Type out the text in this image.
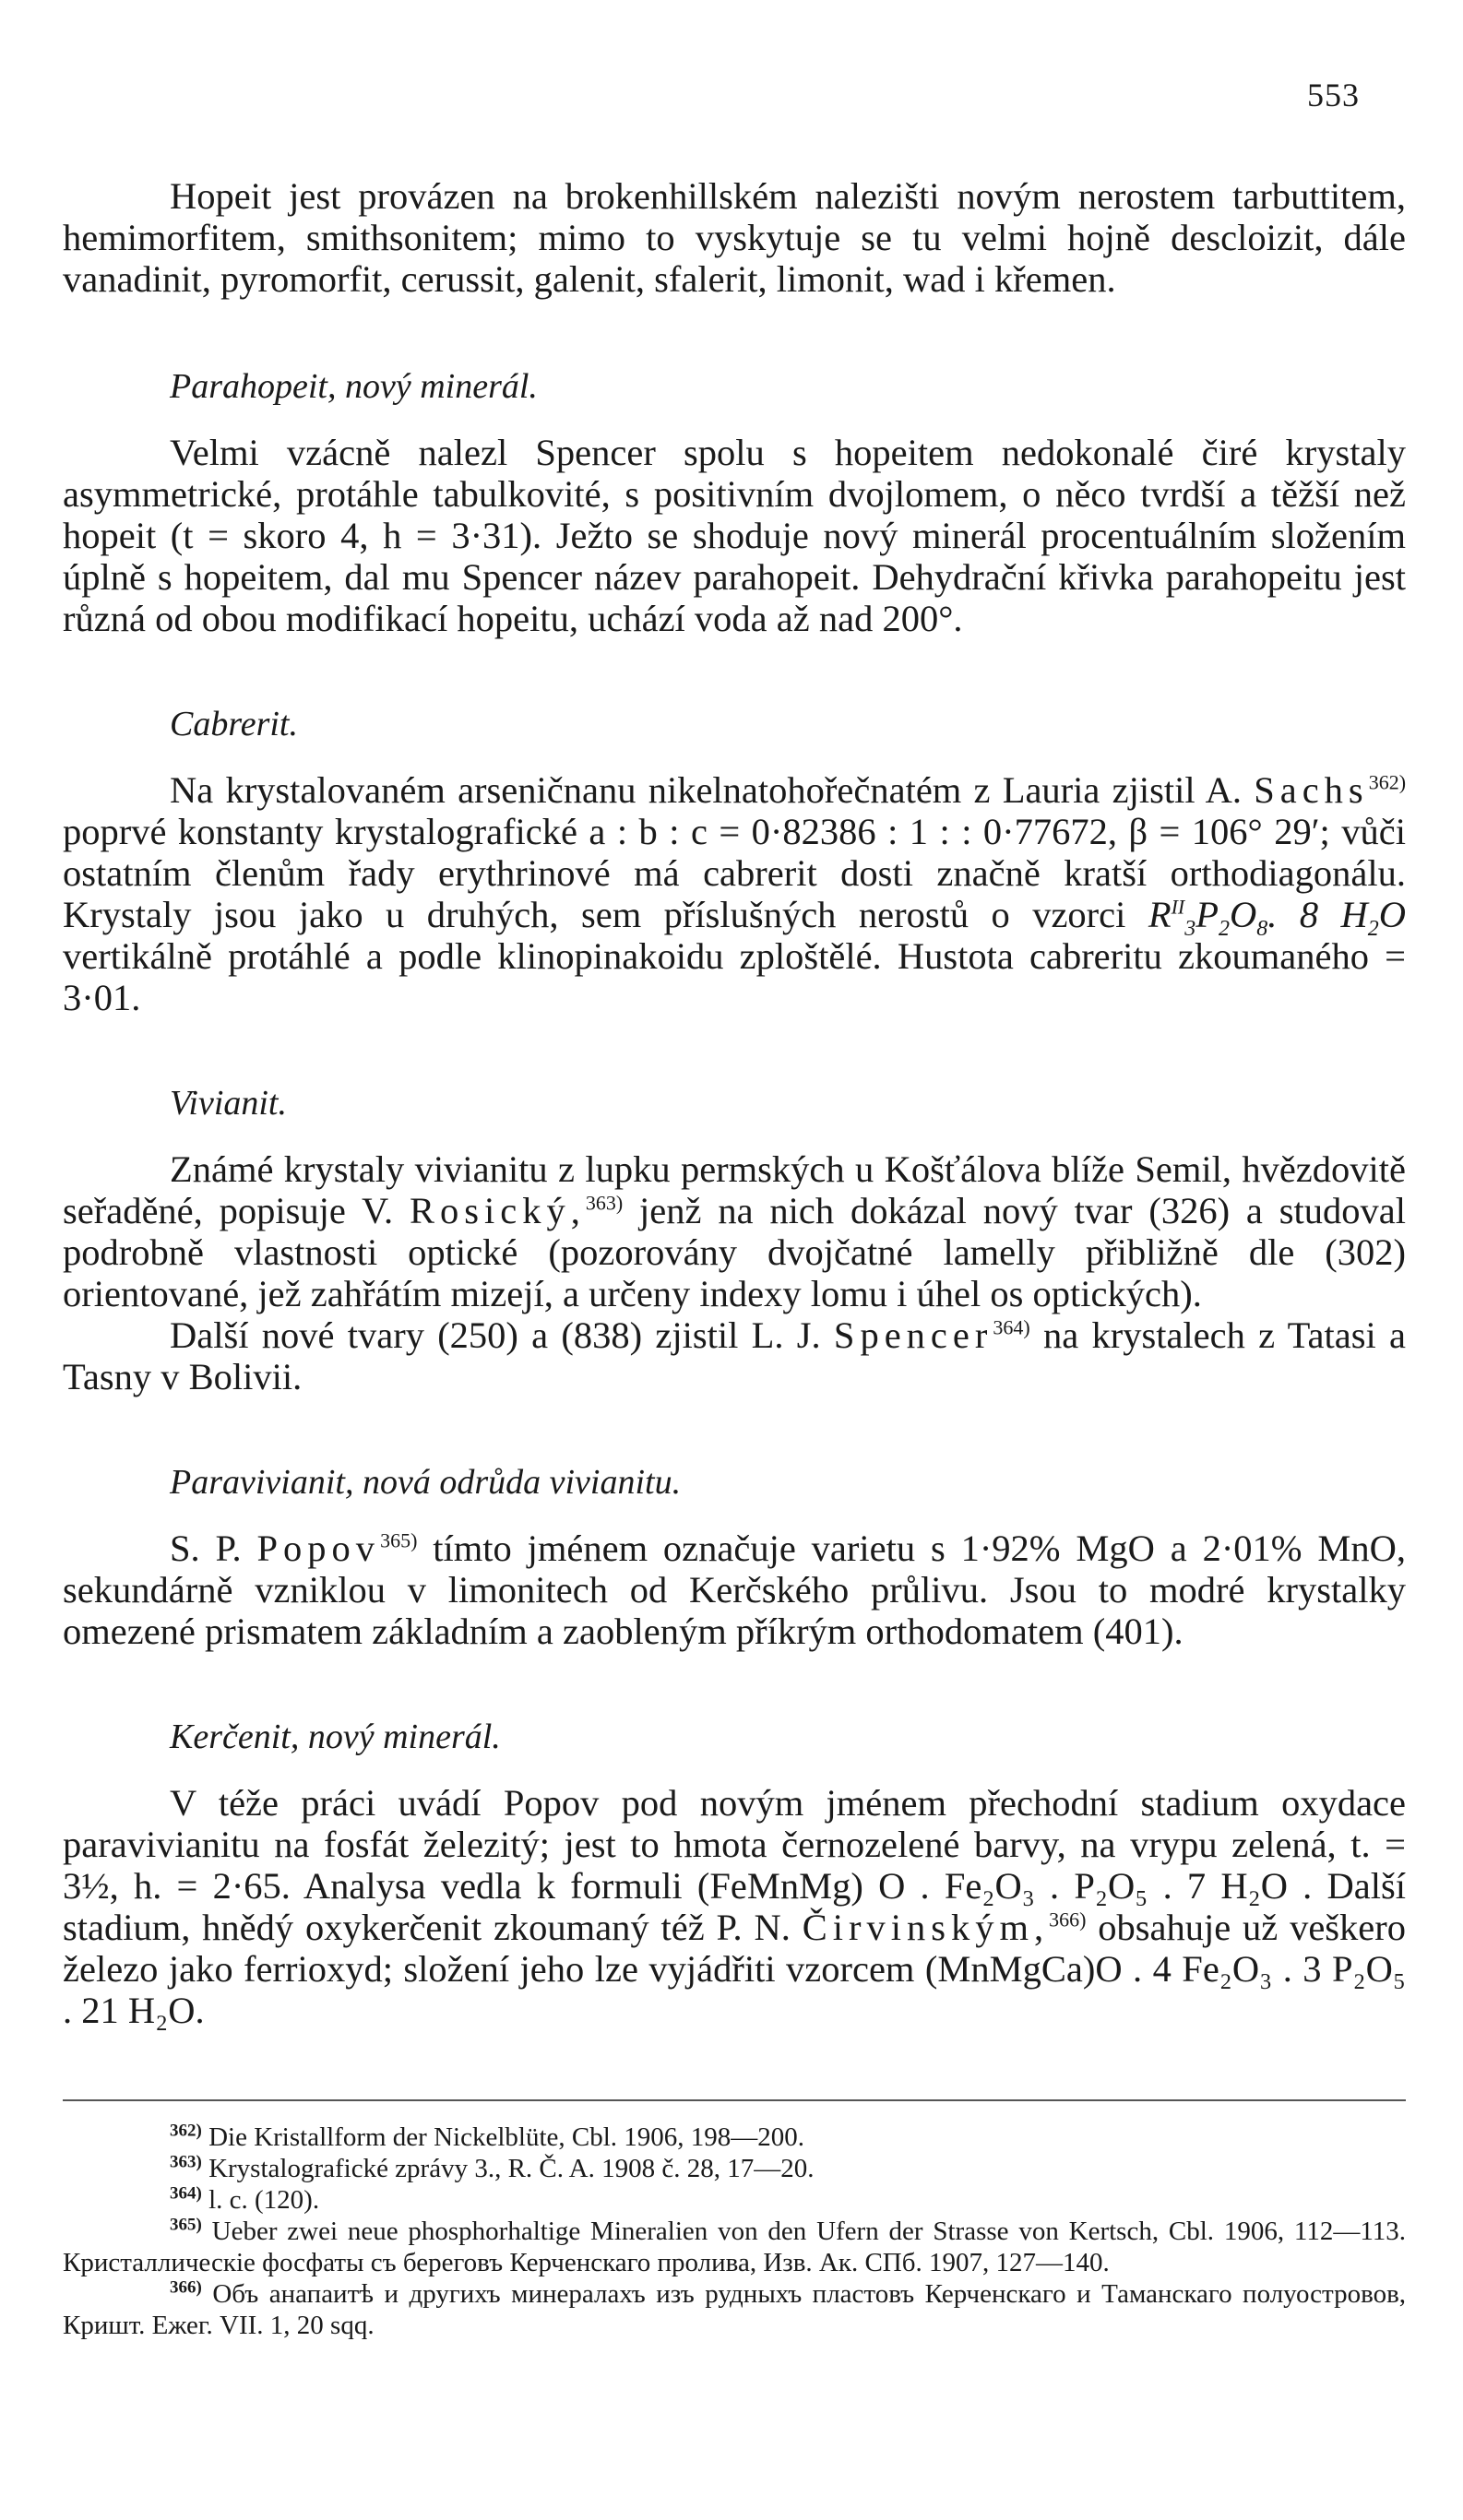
553

Hopeit jest provázen na brokenhillském nalezišti novým nerostem tarbuttitem, hemimorfitem, smithsonitem; mimo to vyskytuje se tu velmi hojně descloizit, dále vanadinit, pyromorfit, cerussit, galenit, sfalerit, limonit, wad i křemen.

Parahopeit, nový minerál.

Velmi vzácně nalezl Spencer spolu s hopeitem nedokonalé čiré krystaly asymmetrické, protáhle tabulkovité, s positivním dvojlomem, o něco tvrdší a těžší než hopeit (t = skoro 4, h = 3·31). Ježto se shoduje nový minerál procentuálním složením úplně s hopeitem, dal mu Spencer název parahopeit. Dehydrační křivka parahopeitu jest různá od obou modifikací hopeitu, uchází voda až nad 200°.

Cabrerit.

Na krystalovaném arseničnanu nikelnatohořečnatém z Lauria zjistil A. Sachs$^{362)}$ poprvé konstanty krystalografické a : b : c = 0·82386 : 1 : : 0·77672, β = 106° 29′; vůči ostatním členům řady erythrinové má cabrerit dosti značně kratší orthodiagonálu. Krystaly jsou jako u druhých, sem příslušných nerostů o vzorci $R^{II}_3P_2O_8$. 8 $H_2O$ vertikálně protáhlé a podle klinopinakoidu zploštělé. Hustota cabreritu zkoumaného = 3·01.

Vivianit.

Známé krystaly vivianitu z lupku permských u Košťálova blíže Semil, hvězdovitě seřaděné, popisuje V. Rosický,$^{363)}$ jenž na nich dokázal nový tvar (326) a studoval podrobně vlastnosti optické (pozorovány dvojčatné lamelly přibližně dle (302) orientované, jež zahřátím mizejí, a určeny indexy lomu i úhel os optických).

Další nové tvary (250) a (838) zjistil L. J. Spencer$^{364)}$ na krystalech z Tatasi a Tasny v Bolivii.

Paravivianit, nová odrůda vivianitu.

S. P. Popov$^{365)}$ tímto jménem označuje varietu s 1·92% MgO a 2·01% MnO, sekundárně vzniklou v limonitech od Kerčského průlivu. Jsou to modré krystalky omezené prismatem základním a zaobleným příkrým orthodomatem (401).

Kerčenit, nový minerál.

V téže práci uvádí Popov pod novým jménem přechodní stadium oxydace paravivianitu na fosfát železitý; jest to hmota černozelené barvy, na vrypu zelená, t. = 3½, h. = 2·65. Analysa vedla k formuli (FeMnMg) O . Fe₂O₃ . P₂O₅ . 7 H₂O . Další stadium, hnědý oxykerčenit zkoumaný též P. N. Čirvinským,$^{366)}$ obsahuje už veškero železo jako ferrioxyd; složení jeho lze vyjádřiti vzorcem (MnMgCa)O . 4 Fe₂O₃ . 3 P₂O₅ . 21 H₂O.

$^{362)}$ Die Kristallform der Nickelblüte, Cbl. 1906, 198—200.

$^{363)}$ Krystalografické zprávy 3., R. Č. A. 1908 č. 28, 17—20.

$^{364)}$ l. c. (120).

$^{365)}$ Ueber zwei neue phosphorhaltige Mineralien von den Ufern der Strasse von Kertsch, Cbl. 1906, 112—113. Кристаллическіе фосфаты съ береговъ Керченскаго пролива, Изв. Ак. СПб. 1907, 127—140.

$^{366)}$ Объ анапаитѣ и другихъ минералахъ изъ рудныхъ пластовъ Керченскаго и Таманскаго полуостровов, Кришт. Ежег. VII. 1, 20 sqq.
